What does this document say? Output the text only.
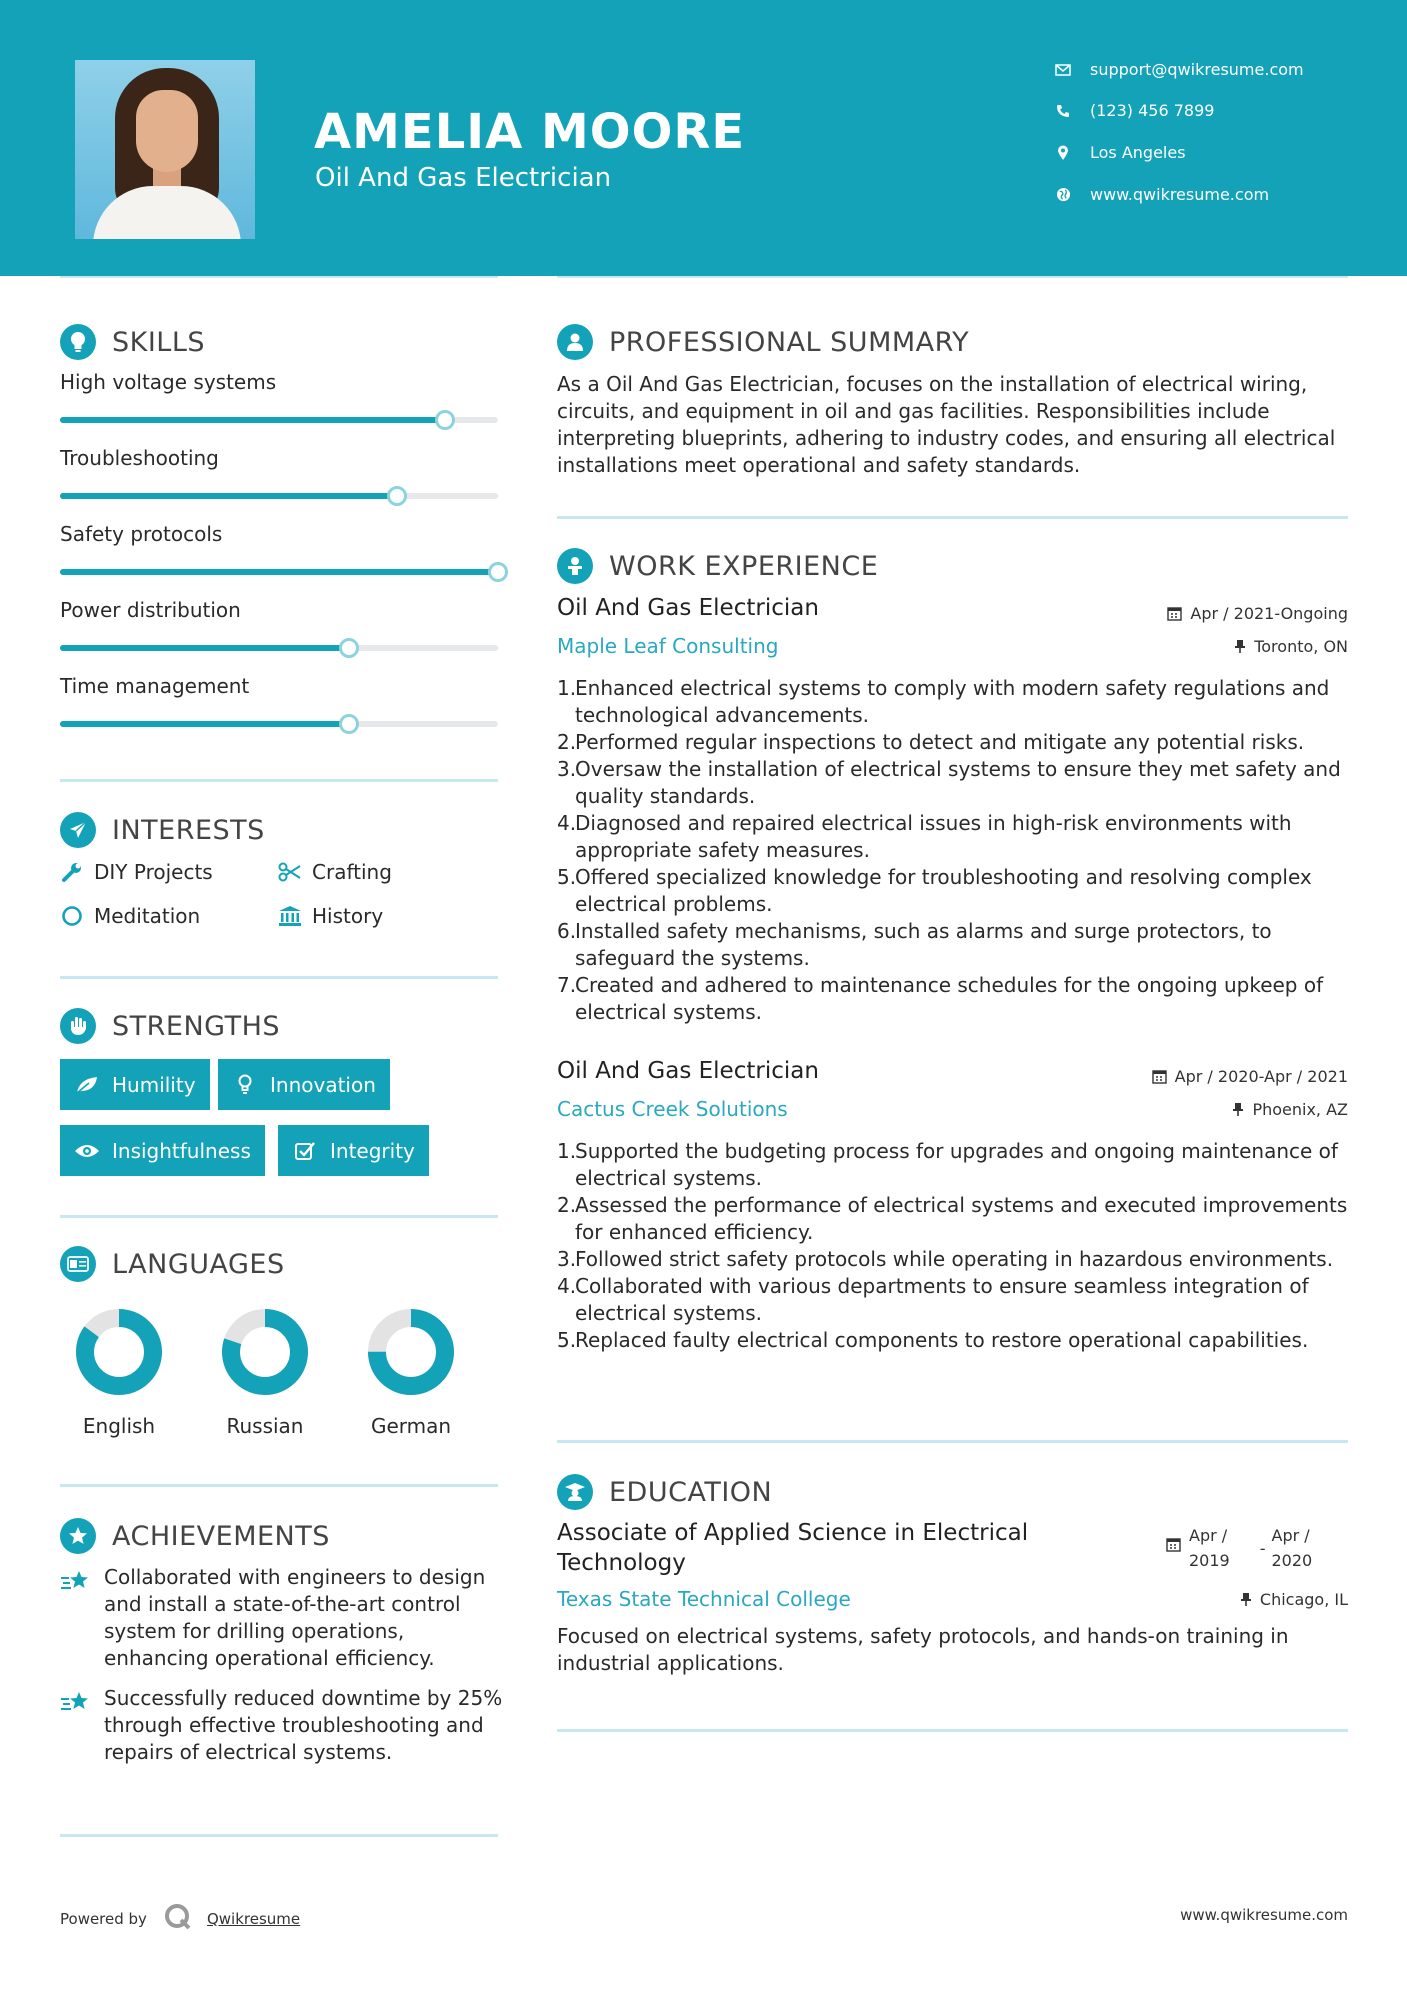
AMELIA MOORE
Oil And Gas Electrician
support@qwikresume.com
(123) 456 7899
Los Angeles
www.qwikresume.com
SKILLS
High voltage systems
Troubleshooting
Safety protocols
Power distribution
Time management
INTERESTS
DIY Projects	Crafting
Meditation	History
STRENGTHS
Humility	Innovation
Insightfulness	Integrity
LANGUAGES
English	Russian	German
ACHIEVEMENTS
Collaborated with engineers to design and install a state-of-the-art control system for drilling operations, enhancing operational efficiency.
Successfully reduced downtime by 25% through effective troubleshooting and repairs of electrical systems.
PROFESSIONAL SUMMARY
As a Oil And Gas Electrician, focuses on the installation of electrical wiring, circuits, and equipment in oil and gas facilities. Responsibilities include interpreting blueprints, adhering to industry codes, and ensuring all electrical installations meet operational and safety standards.
WORK EXPERIENCE
Oil And Gas Electrician	Apr / 2021-Ongoing
Maple Leaf Consulting	Toronto, ON
1.
Enhanced electrical systems to comply with modern safety regulations and technological advancements.
2.
Performed regular inspections to detect and mitigate any potential risks.
3.
Oversaw the installation of electrical systems to ensure they met safety and quality standards.
4.
Diagnosed and repaired electrical issues in high-risk environments with appropriate safety measures.
5.
Offered specialized knowledge for troubleshooting and resolving complex electrical problems.
6.
Installed safety mechanisms, such as alarms and surge protectors, to safeguard the systems.
7.
Created and adhered to maintenance schedules for the ongoing upkeep of electrical systems.
Oil And Gas Electrician	Apr / 2020-Apr / 2021
Cactus Creek Solutions	Phoenix, AZ
1.
Supported the budgeting process for upgrades and ongoing maintenance of electrical systems.
2.
Assessed the performance of electrical systems and executed improvements for enhanced efficiency.
3.
Followed strict safety protocols while operating in hazardous environments.
4.
Collaborated with various departments to ensure seamless integration of electrical systems.
5.
Replaced faulty electrical components to restore operational capabilities.
EDUCATION
Associate of Applied Science in Electrical Technology
Apr /
2019
-
Apr /
2020
Texas State Technical College	Chicago, IL
Focused on electrical systems, safety protocols, and hands-on training in industrial applications.
Powered by	Qwikresume	www.qwikresume.com
